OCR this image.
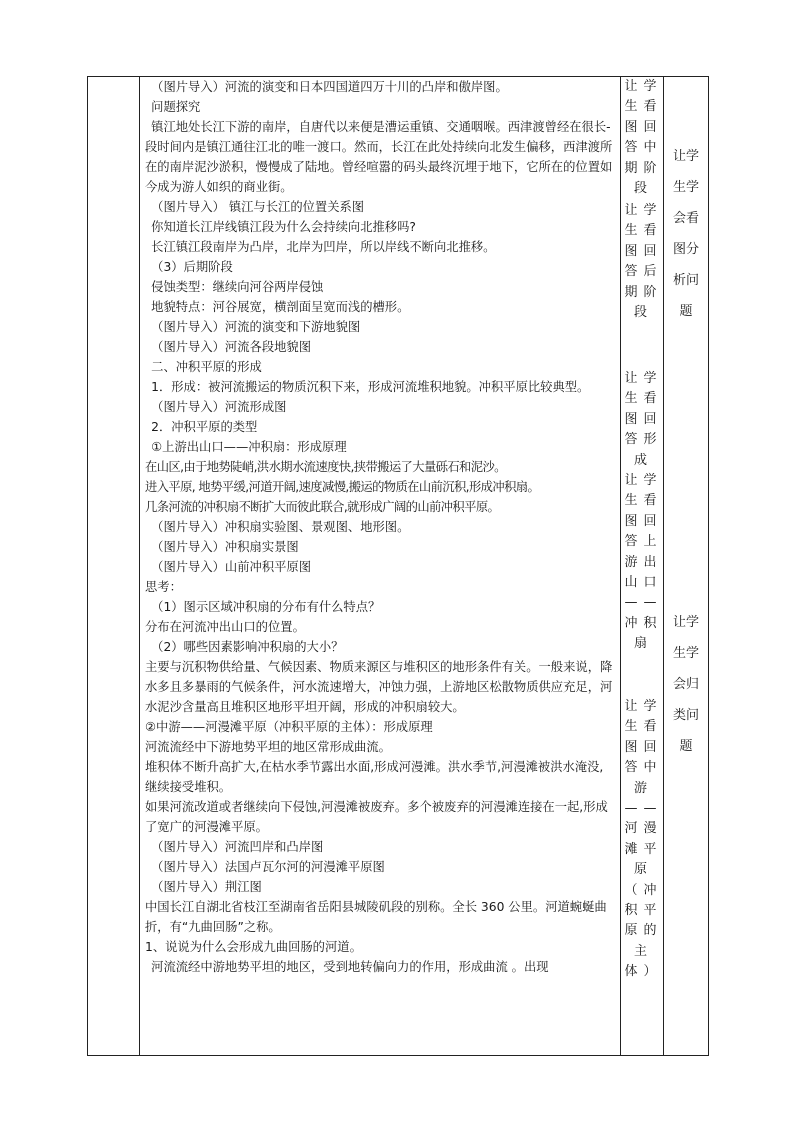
（图片导入）河流的演变和日本四国道四万十川的凸岸和傲岸图。

问题探究

镇江地处长江下游的南岸，自唐代以来便是漕运重镇、交通咽喉。西津渡曾经在很长-段时间内是镇江通往江北的唯一渡口。然而，长江在此处持续向北发生偏移，西津渡所在的南岸泥沙淤积，慢慢成了陆地。曾经喧嚣的码头最终沉埋于地下，它所在的位置如今成为游人如织的商业街。

（图片导入） 镇江与长江的位置关系图

你知道长江岸线镇江段为什么会持续向北推移吗?

长江镇江段南岸为凸岸，北岸为凹岸，所以岸线不断向北推移。

（3）后期阶段

侵蚀类型：继续向河谷两岸侵蚀

地貌特点：河谷展宽，横剖面呈宽而浅的槽形。

（图片导入）河流的演变和下游地貌图

（图片导入）河流各段地貌图

二、冲积平原的形成

1．形成：被河流搬运的物质沉积下来，形成河流堆积地貌。冲积平原比较典型。

（图片导入）河流形成图

2．冲积平原的类型

①上游出山口——冲积扇：形成原理

在山区,由于地势陡峭,洪水期水流速度快,挟带搬运了大量砾石和泥沙。

进入平原, 地势平缓,河道开阔,速度减慢,搬运的物质在山前沉积,形成冲积扇。

几条河流的冲积扇不断扩大而彼此联合,就形成广阔的山前冲积平原。

（图片导入）冲积扇实验图、景观图、地形图。

（图片导入）冲积扇实景图

（图片导入）山前冲积平原图

思考：

（1）图示区域冲积扇的分布有什么特点？

分布在河流冲出山口的位置。

（2）哪些因素影响冲积扇的大小？

主要与沉积物供给量、气候因素、物质来源区与堆积区的地形条件有关。一般来说，降水多且多暴雨的气候条件，河水流速增大，冲蚀力强，上游地区松散物质供应充足，河水泥沙含量高且堆积区地形平坦开阔，形成的冲积扇较大。

②中游——河漫滩平原（冲积平原的主体）：形成原理

河流流经中下游地势平坦的地区常形成曲流。

堆积体不断升高扩大,在枯水季节露出水面,形成河漫滩。洪水季节,河漫滩被洪水淹没,继续接受堆积。

如果河流改道或者继续向下侵蚀,河漫滩被废弃。多个被废弃的河漫滩连接在一起,形成了宽广的河漫滩平原。

（图片导入）河流凹岸和凸岸图

（图片导入）法国卢瓦尔河的河漫滩平原图

（图片导入）荆江图

中国长江自湖北省枝江至湖南省岳阳县城陵矶段的别称。全长 360 公里。河道蜿蜒曲折，有“九曲回肠”之称。

1、说说为什么会形成九曲回肠的河道。

河流流经中游地势平坦的地区，受到地转偏向力的作用，形成曲流 。出现

让学生看图回答中期阶段
让学生看图回答后期阶段
让学生看图回答形成
让学生看图回答上游出山口——冲积扇
让学生看图回答中游——河漫滩平原（冲积平原的主体）

让学生学会看图分析问题
让学生学会归类问题
